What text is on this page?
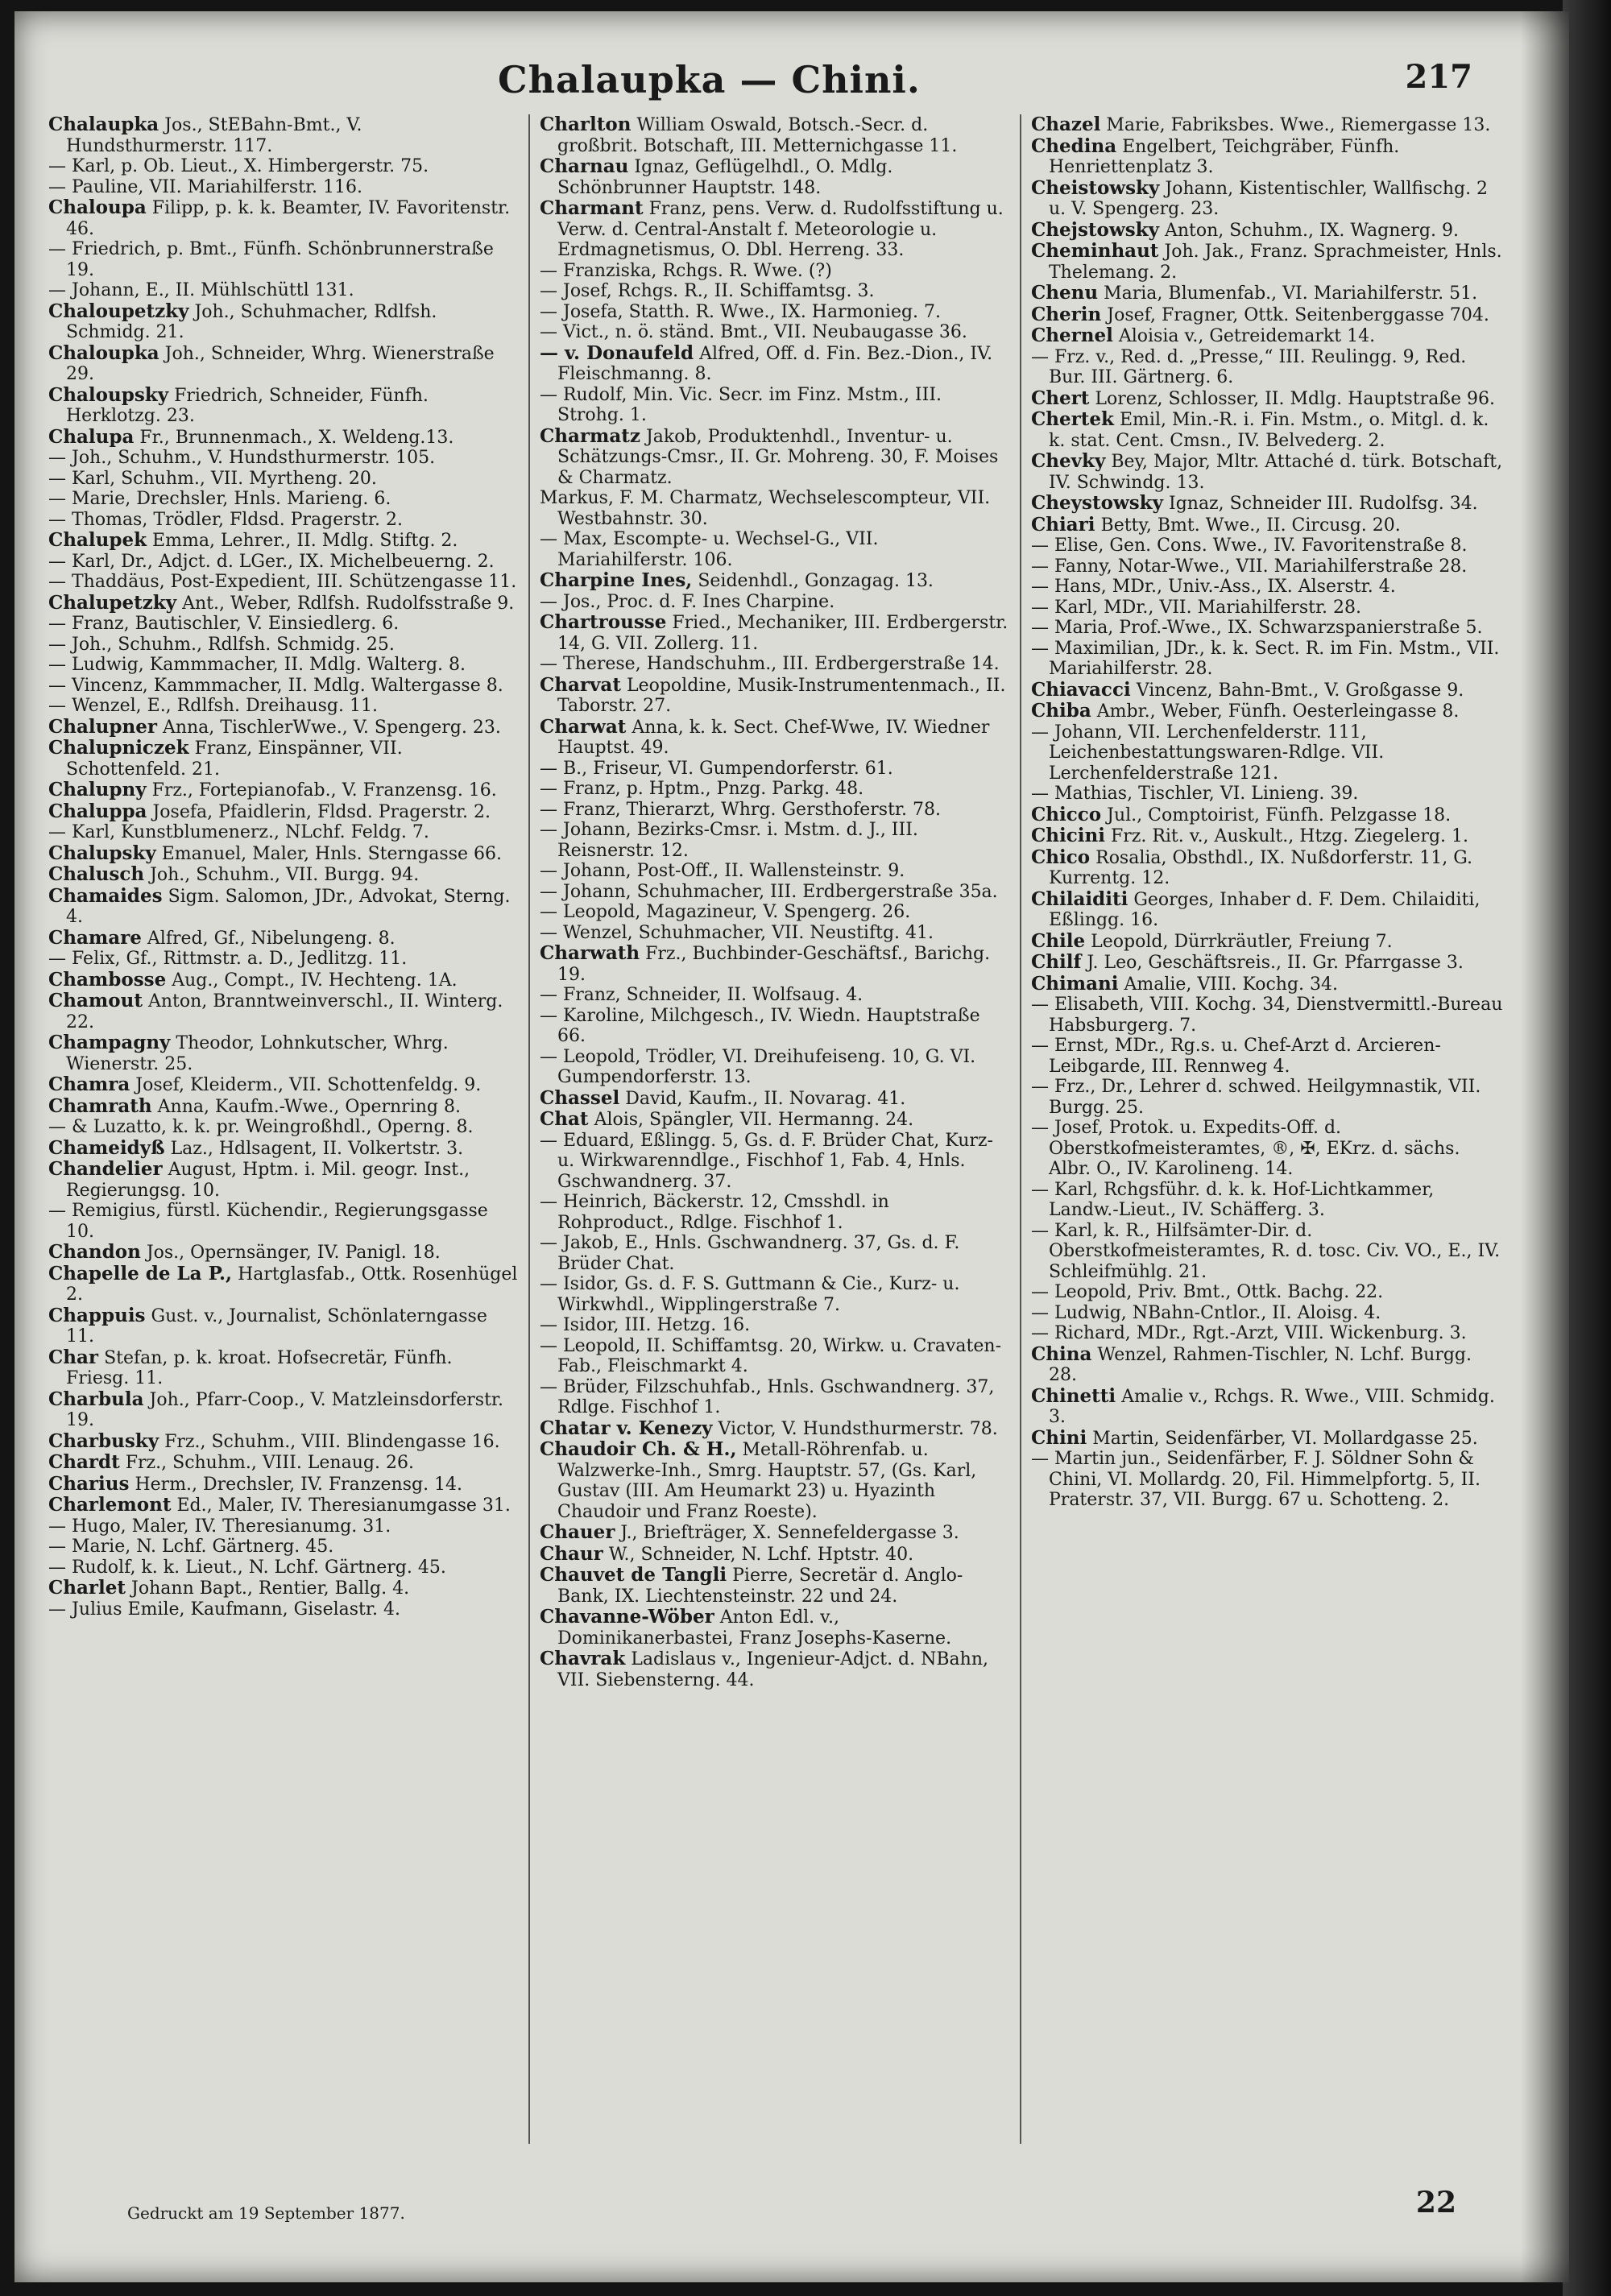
Chalaupka — Chini.	217

Chalaupka Jos., StEBahn-Bmt., V. Hundsthurmerstr. 117.

— Karl, p. Ob. Lieut., X. Himbergerstr. 75.

— Pauline, VII. Mariahilferstr. 116.

Chaloupa Filipp, p. k. k. Beamter, IV. Favoritenstr. 46.

— Friedrich, p. Bmt., Fünfh. Schönbrunnerstraße 19.

— Johann, E., II. Mühlschüttl 131.

Chaloupetzky Joh., Schuhmacher, Rdlfsh. Schmidg. 21.

Chaloupka Joh., Schneider, Whrg. Wienerstraße 29.

Chaloupsky Friedrich, Schneider, Fünfh. Herklotzg. 23.

Chalupa Fr., Brunnenmach., X. Weldeng.13.

— Joh., Schuhm., V. Hundsthurmerstr. 105.

— Karl, Schuhm., VII. Myrtheng. 20.

— Marie, Drechsler, Hnls. Marieng. 6.

— Thomas, Trödler, Fldsd. Pragerstr. 2.

Chalupek Emma, Lehrer., II. Mdlg. Stiftg. 2.

— Karl, Dr., Adjct. d. LGer., IX. Michelbeuerng. 2.

— Thaddäus, Post-Expedient, III. Schützengasse 11.

Chalupetzky Ant., Weber, Rdlfsh. Rudolfsstraße 9.

— Franz, Bautischler, V. Einsiedlerg. 6.

— Joh., Schuhm., Rdlfsh. Schmidg. 25.

— Ludwig, Kammmacher, II. Mdlg. Walterg. 8.

— Vincenz, Kammmacher, II. Mdlg. Waltergasse 8.

— Wenzel, E., Rdlfsh. Dreihausg. 11.

Chalupner Anna, TischlerWwe., V. Spengerg. 23.

Chalupniczek Franz, Einspänner, VII. Schottenfeld. 21.

Chalupny Frz., Fortepianofab., V. Franzensg. 16.

Chaluppa Josefa, Pfaidlerin, Fldsd. Pragerstr. 2.

— Karl, Kunstblumenerz., NLchf. Feldg. 7.

Chalupsky Emanuel, Maler, Hnls. Sterngasse 66.

Chalusch Joh., Schuhm., VII. Burgg. 94.

Chamaides Sigm. Salomon, JDr., Advokat, Sterng. 4.

Chamare Alfred, Gf., Nibelungeng. 8.

— Felix, Gf., Rittmstr. a. D., Jedlitzg. 11.

Chambosse Aug., Compt., IV. Hechteng. 1A.

Chamout Anton, Branntweinverschl., II. Winterg. 22.

Champagny Theodor, Lohnkutscher, Whrg. Wienerstr. 25.

Chamra Josef, Kleiderm., VII. Schottenfeldg. 9.

Chamrath Anna, Kaufm.-Wwe., Opernring 8.

— & Luzatto, k. k. pr. Weingroßhdl., Operng. 8.

Chameidyß Laz., Hdlsagent, II. Volkertstr. 3.

Chandelier August, Hptm. i. Mil. geogr. Inst., Regierungsg. 10.

— Remigius, fürstl. Küchendir., Regierungsgasse 10.

Chandon Jos., Opernsänger, IV. Panigl. 18.

Chapelle de La P., Hartglasfab., Ottk. Rosenhügel 2.

Chappuis Gust. v., Journalist, Schönlaterngasse 11.

Char Stefan, p. k. kroat. Hofsecretär, Fünfh. Friesg. 11.

Charbula Joh., Pfarr-Coop., V. Matzleinsdorferstr. 19.

Charbusky Frz., Schuhm., VIII. Blindengasse 16.

Chardt Frz., Schuhm., VIII. Lenaug. 26.

Charius Herm., Drechsler, IV. Franzensg. 14.

Charlemont Ed., Maler, IV. Theresianumgasse 31.

— Hugo, Maler, IV. Theresianumg. 31.

— Marie, N. Lchf. Gärtnerg. 45.

— Rudolf, k. k. Lieut., N. Lchf. Gärtnerg. 45.

Charlet Johann Bapt., Rentier, Ballg. 4.

— Julius Emile, Kaufmann, Giselastr. 4.

Charlton William Oswald, Botsch.-Secr. d. großbrit. Botschaft, III. Metternichgasse 11.

Charnau Ignaz, Geflügelhdl., O. Mdlg. Schönbrunner Hauptstr. 148.

Charmant Franz, pens. Verw. d. Rudolfsstiftung u. Verw. d. Central-Anstalt f. Meteorologie u. Erdmagnetismus, O. Dbl. Herreng. 33.

— Franziska, Rchgs. R. Wwe. (?)

— Josef, Rchgs. R., II. Schiffamtsg. 3.

— Josefa, Statth. R. Wwe., IX. Harmonieg. 7.

— Vict., n. ö. ständ. Bmt., VII. Neubaugasse 36.

— v. Donaufeld Alfred, Off. d. Fin. Bez.-Dion., IV. Fleischmanng. 8.

— Rudolf, Min. Vic. Secr. im Finz. Mstm., III. Strohg. 1.

Charmatz Jakob, Produktenhdl., Inventur- u. Schätzungs-Cmsr., II. Gr. Mohreng. 30, F. Moises & Charmatz.

Markus, F. M. Charmatz, Wechselescompteur, VII. Westbahnstr. 30.

— Max, Escompte- u. Wechsel-G., VII. Mariahilferstr. 106.

Charpine Ines, Seidenhdl., Gonzagag. 13.

— Jos., Proc. d. F. Ines Charpine.

Chartrousse Fried., Mechaniker, III. Erdbergerstr. 14, G. VII. Zollerg. 11.

— Therese, Handschuhm., III. Erdbergerstraße 14.

Charvat Leopoldine, Musik-Instrumentenmach., II. Taborstr. 27.

Charwat Anna, k. k. Sect. Chef-Wwe, IV. Wiedner Hauptst. 49.

— B., Friseur, VI. Gumpendorferstr. 61.

— Franz, p. Hptm., Pnzg. Parkg. 48.

— Franz, Thierarzt, Whrg. Gersthoferstr. 78.

— Johann, Bezirks-Cmsr. i. Mstm. d. J., III. Reisnerstr. 12.

— Johann, Post-Off., II. Wallensteinstr. 9.

— Johann, Schuhmacher, III. Erdbergerstraße 35a.

— Leopold, Magazineur, V. Spengerg. 26.

— Wenzel, Schuhmacher, VII. Neustiftg. 41.

Charwath Frz., Buchbinder-Geschäftsf., Barichg. 19.

— Franz, Schneider, II. Wolfsaug. 4.

— Karoline, Milchgesch., IV. Wiedn. Hauptstraße 66.

— Leopold, Trödler, VI. Dreihufeiseng. 10, G. VI. Gumpendorferstr. 13.

Chassel David, Kaufm., II. Novarag. 41.

Chat Alois, Spängler, VII. Hermanng. 24.

— Eduard, Eßlingg. 5, Gs. d. F. Brüder Chat, Kurz- u. Wirkwarenndlge., Fischhof 1, Fab. 4, Hnls. Gschwandnerg. 37.

— Heinrich, Bäckerstr. 12, Cmsshdl. in Rohproduct., Rdlge. Fischhof 1.

— Jakob, E., Hnls. Gschwandnerg. 37, Gs. d. F. Brüder Chat.

— Isidor, Gs. d. F. S. Guttmann & Cie., Kurz- u. Wirkwhdl., Wipplingerstraße 7.

— Isidor, III. Hetzg. 16.

— Leopold, II. Schiffamtsg. 20, Wirkw. u. Cravaten-Fab., Fleischmarkt 4.

— Brüder, Filzschuhfab., Hnls. Gschwandnerg. 37, Rdlge. Fischhof 1.

Chatar v. Kenezy Victor, V. Hundsthurmerstr. 78.

Chaudoir Ch. & H., Metall-Röhrenfab. u. Walzwerke-Inh., Smrg. Hauptstr. 57, (Gs. Karl, Gustav (III. Am Heumarkt 23) u. Hyazinth Chaudoir und Franz Roeste).

Chauer J., Briefträger, X. Sennefeldergasse 3.

Chaur W., Schneider, N. Lchf. Hptstr. 40.

Chauvet de Tangli Pierre, Secretär d. Anglo-Bank, IX. Liechtensteinstr. 22 und 24.

Chavanne-Wöber Anton Edl. v., Dominikanerbastei, Franz Josephs-Kaserne.

Chavrak Ladislaus v., Ingenieur-Adjct. d. NBahn, VII. Siebensterng. 44.

Chazel Marie, Fabriksbes. Wwe., Riemergasse 13.

Chedina Engelbert, Teichgräber, Fünfh. Henriettenplatz 3.

Cheistowsky Johann, Kistentischler, Wallfischg. 2 u. V. Spengerg. 23.

Chejstowsky Anton, Schuhm., IX. Wagnerg. 9.

Cheminhaut Joh. Jak., Franz. Sprachmeister, Hnls. Thelemang. 2.

Chenu Maria, Blumenfab., VI. Mariahilferstr. 51.

Cherin Josef, Fragner, Ottk. Seitenberggasse 704.

Chernel Aloisia v., Getreidemarkt 14.

— Frz. v., Red. d. „Presse,“ III. Reulingg. 9, Red. Bur. III. Gärtnerg. 6.

Chert Lorenz, Schlosser, II. Mdlg. Hauptstraße 96.

Chertek Emil, Min.-R. i. Fin. Mstm., o. Mitgl. d. k. k. stat. Cent. Cmsn., IV. Belvederg. 2.

Chevky Bey, Major, Mltr. Attaché d. türk. Botschaft, IV. Schwindg. 13.

Cheystowsky Ignaz, Schneider III. Rudolfsg. 34.

Chiari Betty, Bmt. Wwe., II. Circusg. 20.

— Elise, Gen. Cons. Wwe., IV. Favoritenstraße 8.

— Fanny, Notar-Wwe., VII. Mariahilferstraße 28.

— Hans, MDr., Univ.-Ass., IX. Alserstr. 4.

— Karl, MDr., VII. Mariahilferstr. 28.

— Maria, Prof.-Wwe., IX. Schwarzspanierstraße 5.

— Maximilian, JDr., k. k. Sect. R. im Fin. Mstm., VII. Mariahilferstr. 28.

Chiavacci Vincenz, Bahn-Bmt., V. Großgasse 9.

Chiba Ambr., Weber, Fünfh. Oesterleingasse 8.

— Johann, VII. Lerchenfelderstr. 111, Leichenbestattungswaren-Rdlge. VII. Lerchenfelderstraße 121.

— Mathias, Tischler, VI. Linieng. 39.

Chicco Jul., Comptoirist, Fünfh. Pelzgasse 18.

Chicini Frz. Rit. v., Auskult., Htzg. Ziegelerg. 1.

Chico Rosalia, Obsthdl., IX. Nußdorferstr. 11, G. Kurrentg. 12.

Chilaiditi Georges, Inhaber d. F. Dem. Chilaiditi, Eßlingg. 16.

Chile Leopold, Dürrkräutler, Freiung 7.

Chilf J. Leo, Geschäftsreis., II. Gr. Pfarrgasse 3.

Chimani Amalie, VIII. Kochg. 34.

— Elisabeth, VIII. Kochg. 34, Dienstvermittl.-Bureau Habsburgerg. 7.

— Ernst, MDr., Rg.s. u. Chef-Arzt d. Arcieren-Leibgarde, III. Rennweg 4.

— Frz., Dr., Lehrer d. schwed. Heilgymnastik, VII. Burgg. 25.

— Josef, Protok. u. Expedits-Off. d. Oberstkofmeisteramtes, ®, ✠, EKrz. d. sächs. Albr. O., IV. Karolineng. 14.

— Karl, Rchgsführ. d. k. k. Hof-Lichtkammer, Landw.-Lieut., IV. Schäfferg. 3.

— Karl, k. R., Hilfsämter-Dir. d. Oberstkofmeisteramtes, R. d. tosc. Civ. VO., E., IV. Schleifmühlg. 21.

— Leopold, Priv. Bmt., Ottk. Bachg. 22.

— Ludwig, NBahn-Cntlor., II. Aloisg. 4.

— Richard, MDr., Rgt.-Arzt, VIII. Wickenburg. 3.

China Wenzel, Rahmen-Tischler, N. Lchf. Burgg. 28.

Chinetti Amalie v., Rchgs. R. Wwe., VIII. Schmidg. 3.

Chini Martin, Seidenfärber, VI. Mollardgasse 25.

— Martin jun., Seidenfärber, F. J. Söldner Sohn & Chini, VI. Mollardg. 20, Fil. Himmelpfortg. 5, II. Praterstr. 37, VII. Burgg. 67 u. Schotteng. 2.

Gedruckt am 19 September 1877.	22
